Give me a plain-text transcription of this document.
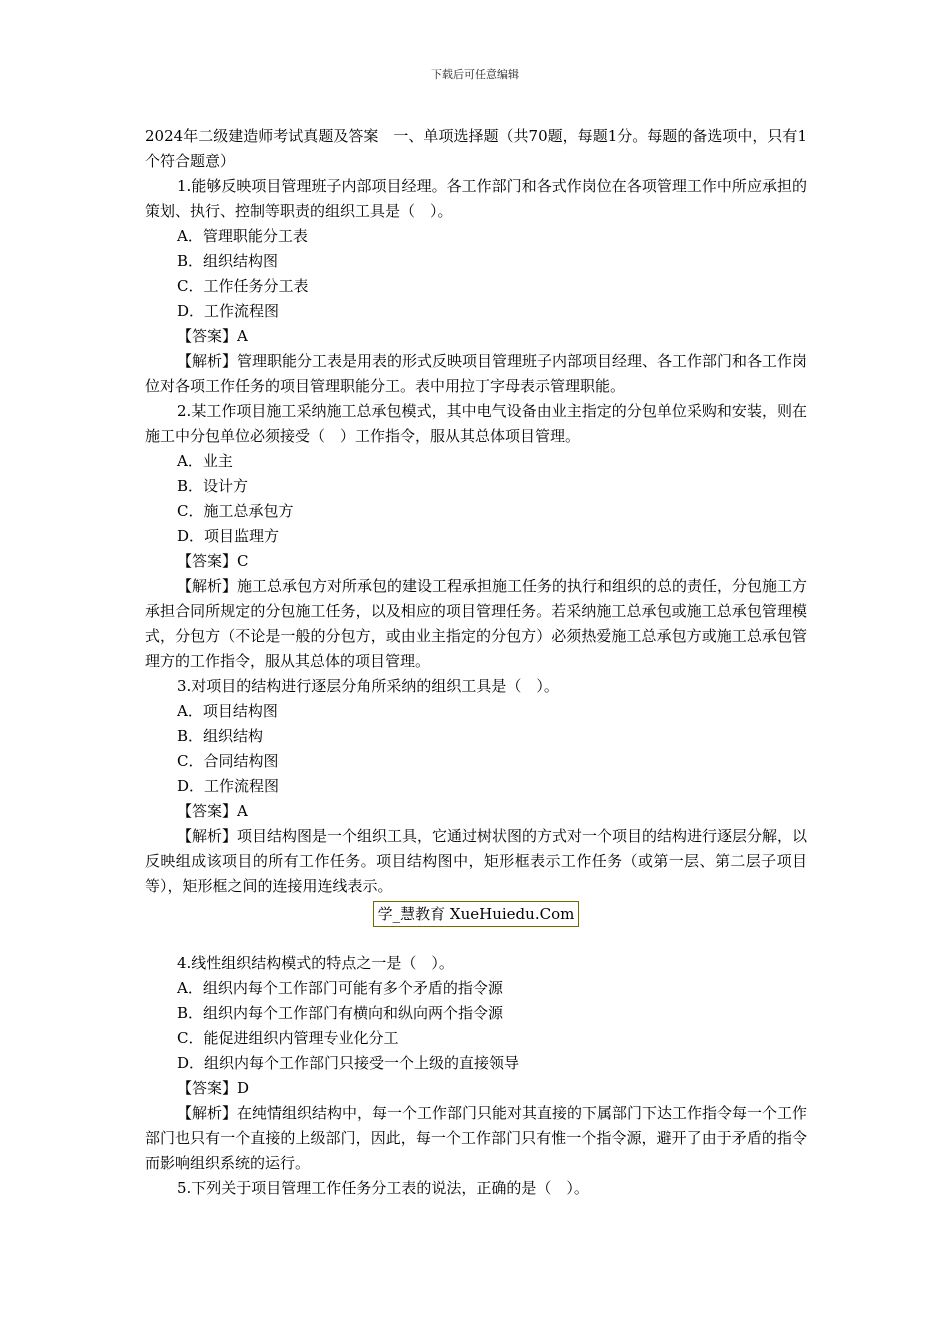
下载后可任意编辑

2024年二级建造师考试真题及答案　一、单项选择题（共70题，每题1分。每题的备选项中，只有1个符合题意）

1.能够反映项目管理班子内部项目经理。各工作部门和各式作岗位在各项管理工作中所应承担的策划、执行、控制等职责的组织工具是（　）。

A．管理职能分工表

B．组织结构图

C．工作任务分工表

D．工作流程图

【答案】A

【解析】管理职能分工表是用表的形式反映项目管理班子内部项目经理、各工作部门和各工作岗位对各项工作任务的项目管理职能分工。表中用拉丁字母表示管理职能。

2.某工作项目施工采纳施工总承包模式，其中电气设备由业主指定的分包单位采购和安装，则在施工中分包单位必须接受（　）工作指令，服从其总体项目管理。

A．业主

B．设计方

C．施工总承包方

D．项目监理方

【答案】C

【解析】施工总承包方对所承包的建设工程承担施工任务的执行和组织的总的责任，分包施工方承担合同所规定的分包施工任务，以及相应的项目管理任务。若采纳施工总承包或施工总承包管理模式，分包方（不论是一般的分包方，或由业主指定的分包方）必须热爱施工总承包方或施工总承包管理方的工作指令，服从其总体的项目管理。

3.对项目的结构进行逐层分角所采纳的组织工具是（　）。

A．项目结构图

B．组织结构

C．合同结构图

D．工作流程图

【答案】A

【解析】项目结构图是一个组织工具，它通过树状图的方式对一个项目的结构进行逐层分解，以反映组成该项目的所有工作任务。项目结构图中，矩形框表示工作任务（或第一层、第二层子项目等），矩形框之间的连接用连线表示。

学_慧教育 XueHuiedu.Com

4.线性组织结构模式的特点之一是（　）。

A．组织内每个工作部门可能有多个矛盾的指令源

B．组织内每个工作部门有横向和纵向两个指令源

C．能促进组织内管理专业化分工

D．组织内每个工作部门只接受一个上级的直接领导

【答案】D

【解析】在纯情组织结构中，每一个工作部门只能对其直接的下属部门下达工作指令每一个工作部门也只有一个直接的上级部门，因此，每一个工作部门只有惟一个指令源，避开了由于矛盾的指令而影响组织系统的运行。

5.下列关于项目管理工作任务分工表的说法，正确的是（　）。
